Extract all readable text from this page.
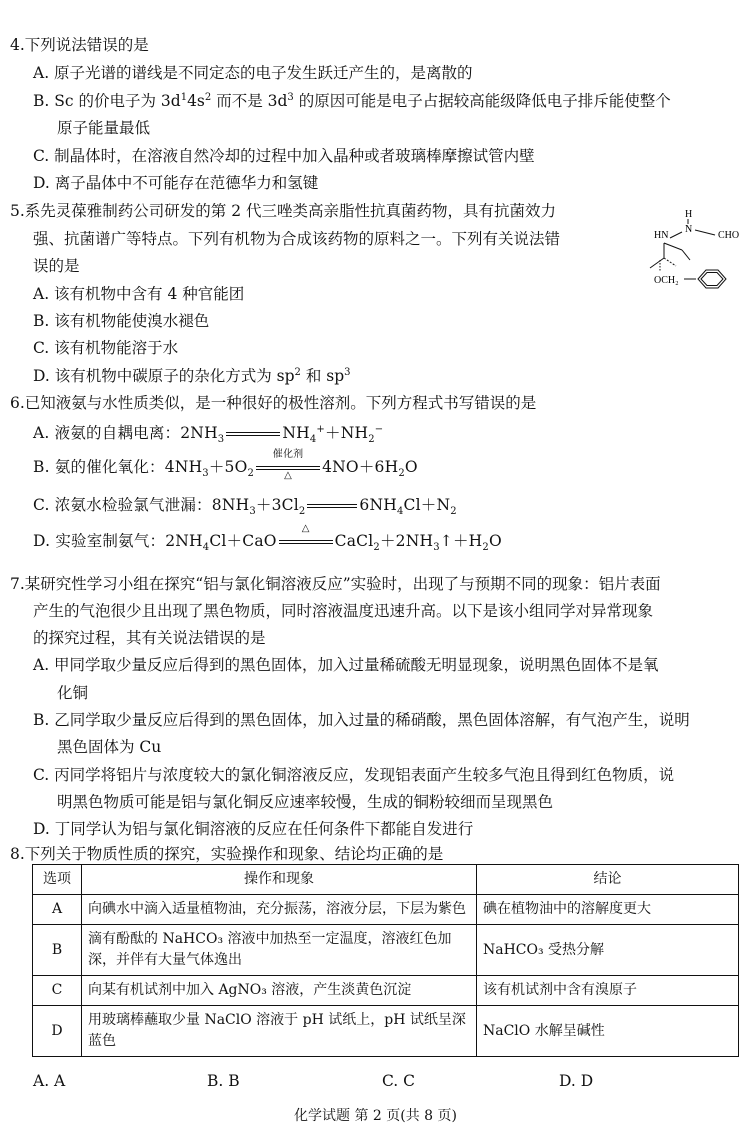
4.下列说法错误的是
A. 原子光谱的谱线是不同定态的电子发生跃迁产生的，是离散的
B. Sc 的价电子为 $3d^14s^2$ 而不是 $3d^3$ 的原因可能是电子占据较高能级降低电子排斥能使整个
原子能量最低
C. 制晶体时，在溶液自然冷却的过程中加入晶种或者玻璃棒摩擦试管内壁
D. 离子晶体中不可能存在范德华力和氢键
5.系先灵葆雅制药公司研发的第 2 代三唑类高亲脂性抗真菌药物，具有抗菌效力
强、抗菌谱广等特点。下列有机物为合成该药物的原料之一。下列有关说法错
误的是
A. 该有机物中含有 4 种官能团
B. 该有机物能使溴水褪色
C. 该有机物能溶于水
D. 该有机物中碳原子的杂化方式为 $sp^2$ 和 $sp^3$
H
HN
N
CHO
OCH₂
6.已知液氨与水性质类似，是一种很好的极性溶剂。下列方程式书写错误的是
A. 液氨的自耦电离：$2NH_3$	$NH_4^++NH_2^-$
B. 氨的催化氧化：$4NH_3+5O_2$
催化剂
△	$4NO+6H_2O$
C. 浓氨水检验氯气泄漏：$8NH_3+3Cl_2$	$6NH_4Cl+N_2$
D. 实验室制氨气：$2NH_4Cl+CaO$
△
$CaCl_2+2NH_3↑+H_2O$
7.某研究性学习小组在探究“铝与氯化铜溶液反应”实验时，出现了与预期不同的现象：铝片表面
产生的气泡很少且出现了黑色物质，同时溶液温度迅速升高。以下是该小组同学对异常现象
的探究过程，其有关说法错误的是
A. 甲同学取少量反应后得到的黑色固体，加入过量稀硫酸无明显现象，说明黑色固体不是氧
化铜
B. 乙同学取少量反应后得到的黑色固体，加入过量的稀硝酸，黑色固体溶解，有气泡产生，说明
黑色固体为 Cu
C. 丙同学将铝片与浓度较大的氯化铜溶液反应，发现铝表面产生较多气泡且得到红色物质，说
明黑色物质可能是铝与氯化铜反应速率较慢，生成的铜粉较细而呈现黑色
D. 丁同学认为铝与氯化铜溶液的反应在任何条件下都能自发进行
8.下列关于物质性质的探究，实验操作和现象、结论均正确的是
选项	操作和现象	结论
A	向碘水中滴入适量植物油，充分振荡，溶液分层，下层为紫色	碘在植物油中的溶解度更大
B	滴有酚酞的 NaHCO₃ 溶液中加热至一定温度，溶液红色加深，并伴有大量气体逸出	NaHCO₃ 受热分解
C	向某有机试剂中加入 AgNO₃ 溶液，产生淡黄色沉淀	该有机试剂中含有溴原子
D	用玻璃棒蘸取少量 NaClO 溶液于 pH 试纸上，pH 试纸呈深蓝色	NaClO 水解呈碱性
A. A	B. B	C. C	D. D
化学试题 第 2 页(共 8 页)
